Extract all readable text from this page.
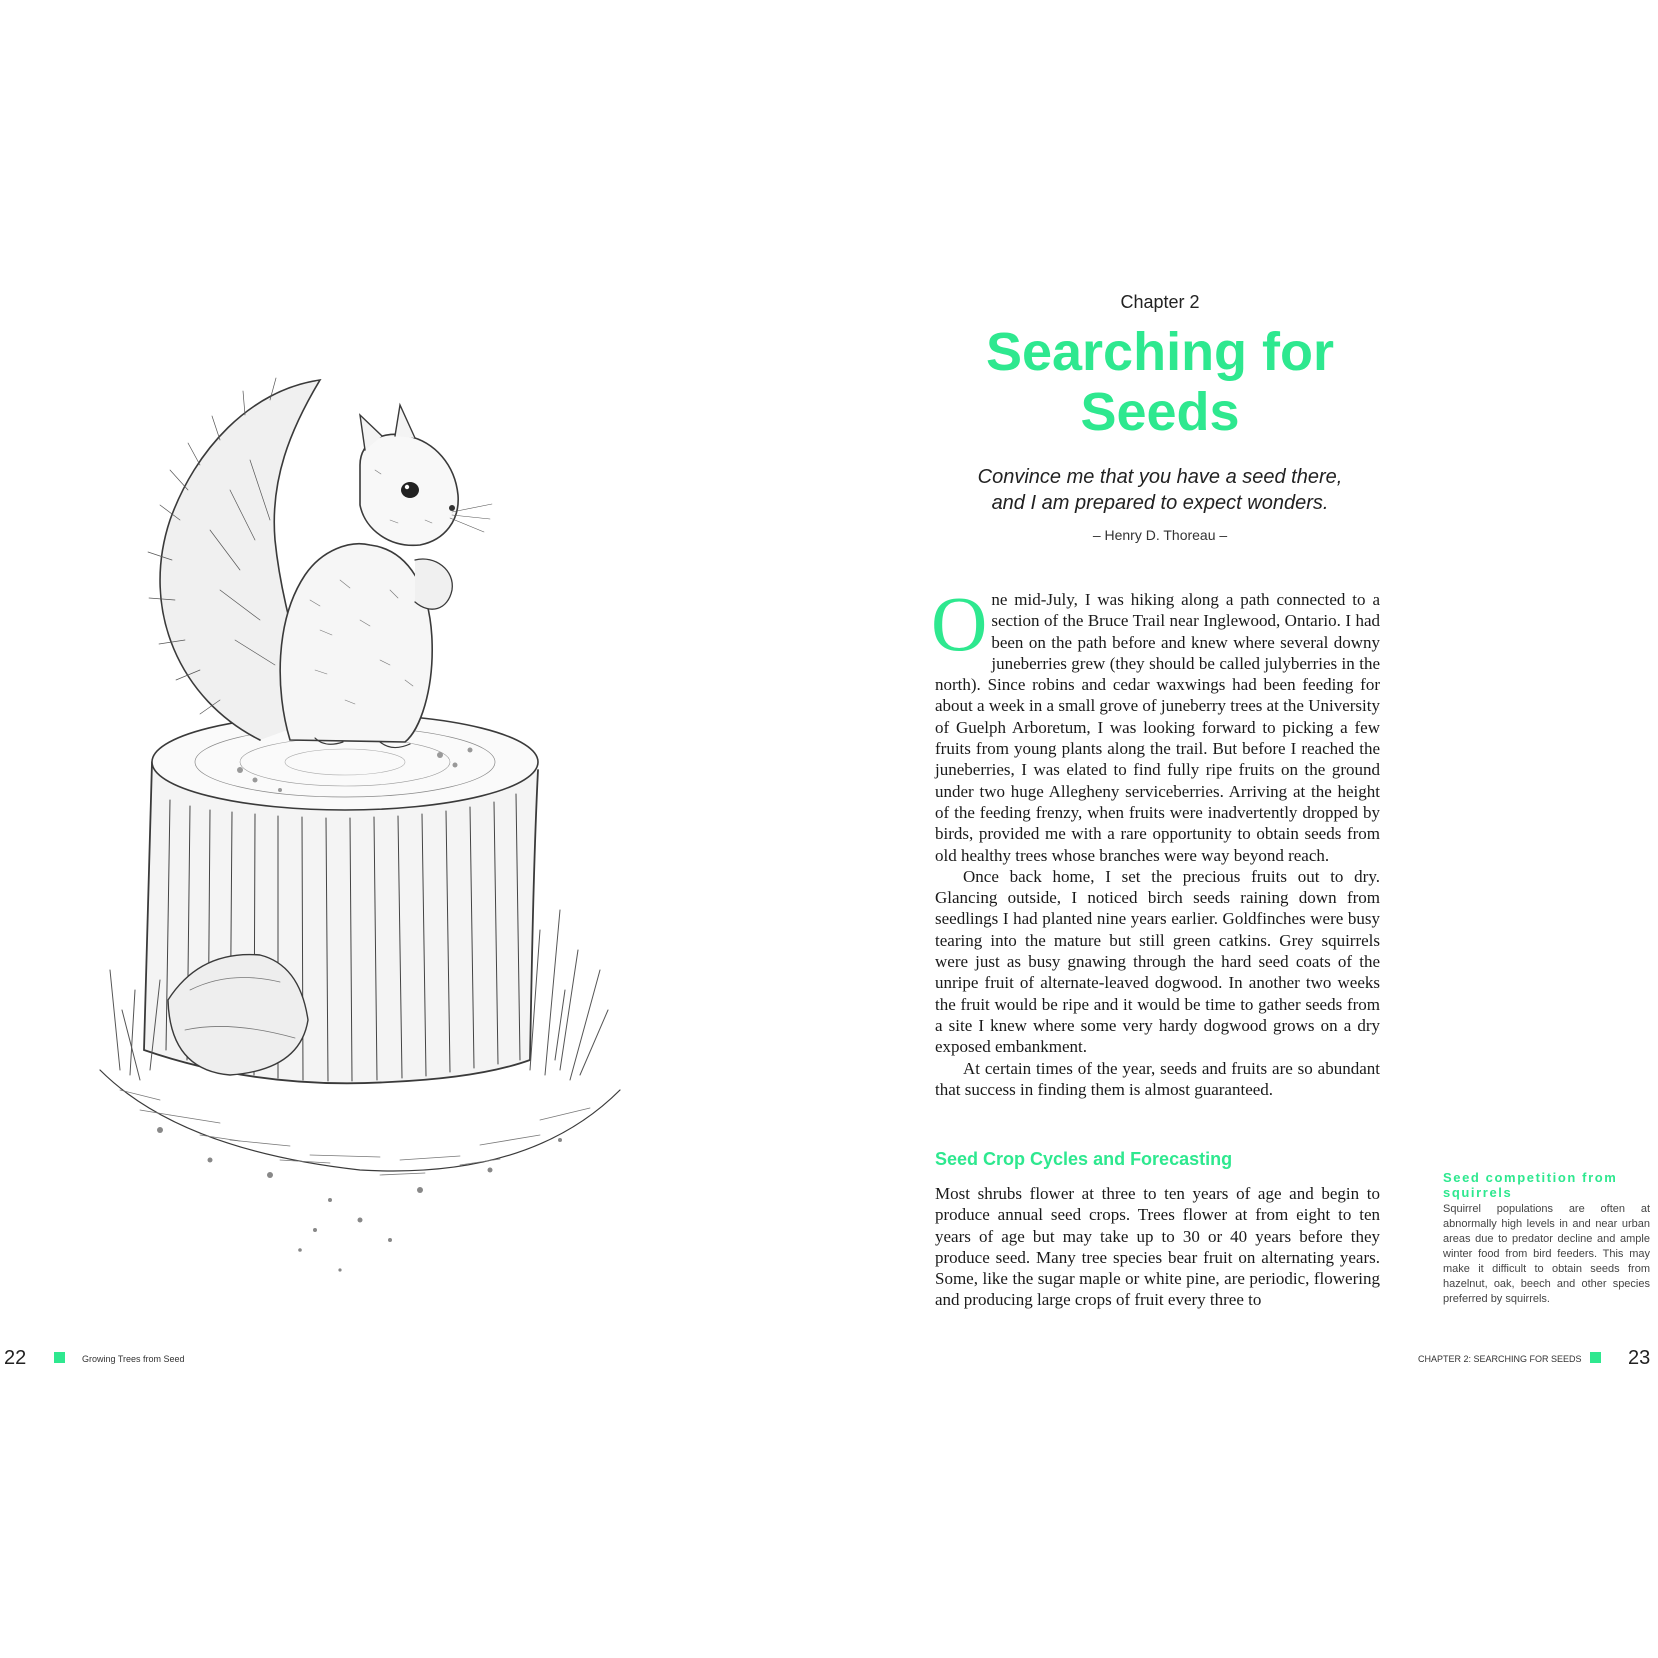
Chapter 2
Searching for
Seeds
Convince me that you have a seed there,
and I am prepared to expect wonders.
– Henry D. Thoreau –

One mid-July, I was hiking along a path connected to a section of the Bruce Trail near Inglewood, Ontario. I had been on the path before and knew where several downy juneberries grew (they should be called julyberries in the north). Since robins and cedar waxwings had been feeding for about a week in a small grove of juneberry trees at the University of Guelph Arboretum, I was looking forward to picking a few fruits from young plants along the trail. But before I reached the juneberries, I was elated to find fully ripe fruits on the ground under two huge Allegheny serviceberries. Arriving at the height of the feeding frenzy, when fruits were inadvertently dropped by birds, provided me with a rare opportunity to obtain seeds from old healthy trees whose branches were way beyond reach.

Once back home, I set the precious fruits out to dry. Glancing outside, I noticed birch seeds raining down from seedlings I had planted nine years earlier. Goldfinches were busy tearing into the mature but still green catkins. Grey squirrels were just as busy gnawing through the hard seed coats of the unripe fruit of alternate-leaved dogwood. In another two weeks the fruit would be ripe and it would be time to gather seeds from a site I knew where some very hardy dogwood grows on a dry exposed embankment.

At certain times of the year, seeds and fruits are so abundant that success in finding them is almost guaranteed.

Seed Crop Cycles and Forecasting

Most shrubs flower at three to ten years of age and begin to produce annual seed crops. Trees flower at from eight to ten years of age but may take up to 30 or 40 years before they produce seed. Many tree species bear fruit on alternating years. Some, like the sugar maple or white pine, are periodic, flowering and producing large crops of fruit every three to

Seed competition from squirrels

Squirrel populations are often at abnormally high levels in and near urban areas due to predator decline and ample winter food from bird feeders. This may make it difficult to obtain seeds from hazelnut, oak, beech and other species preferred by squirrels.

22	Growing Trees from Seed	CHAPTER 2: SEARCHING FOR SEEDS 23
